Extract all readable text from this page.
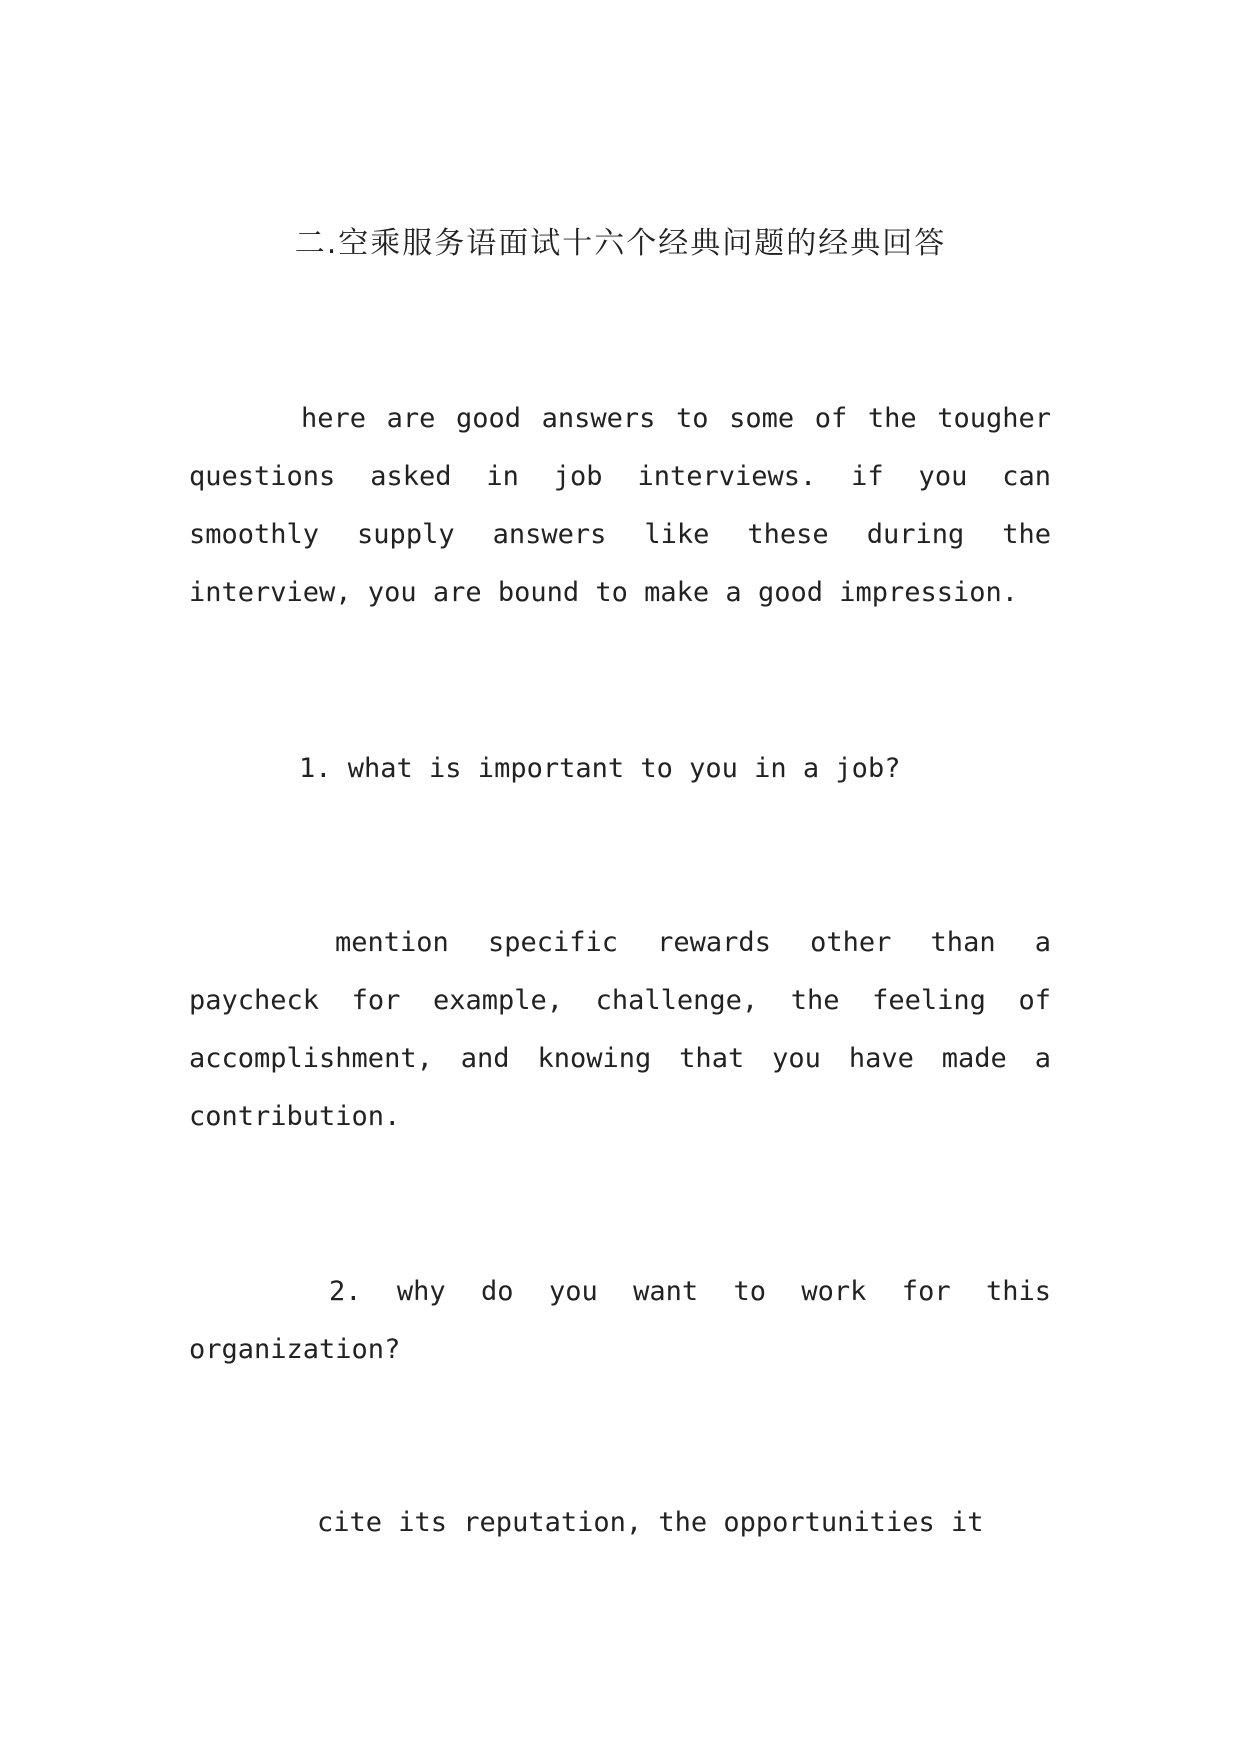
二.空乘服务语面试十六个经典问题的经典回答

here are good answers to some of the tougher questions asked in job interviews. if you can smoothly supply answers like these during the interview, you are bound to make a good impression.

1. what is important to you in a job?

mention specific rewards other than a paycheck for example, challenge, the feeling of accomplishment, and knowing that you have made a contribution.

2. why do you want to work for this organization?

cite its reputation, the opportunities it
